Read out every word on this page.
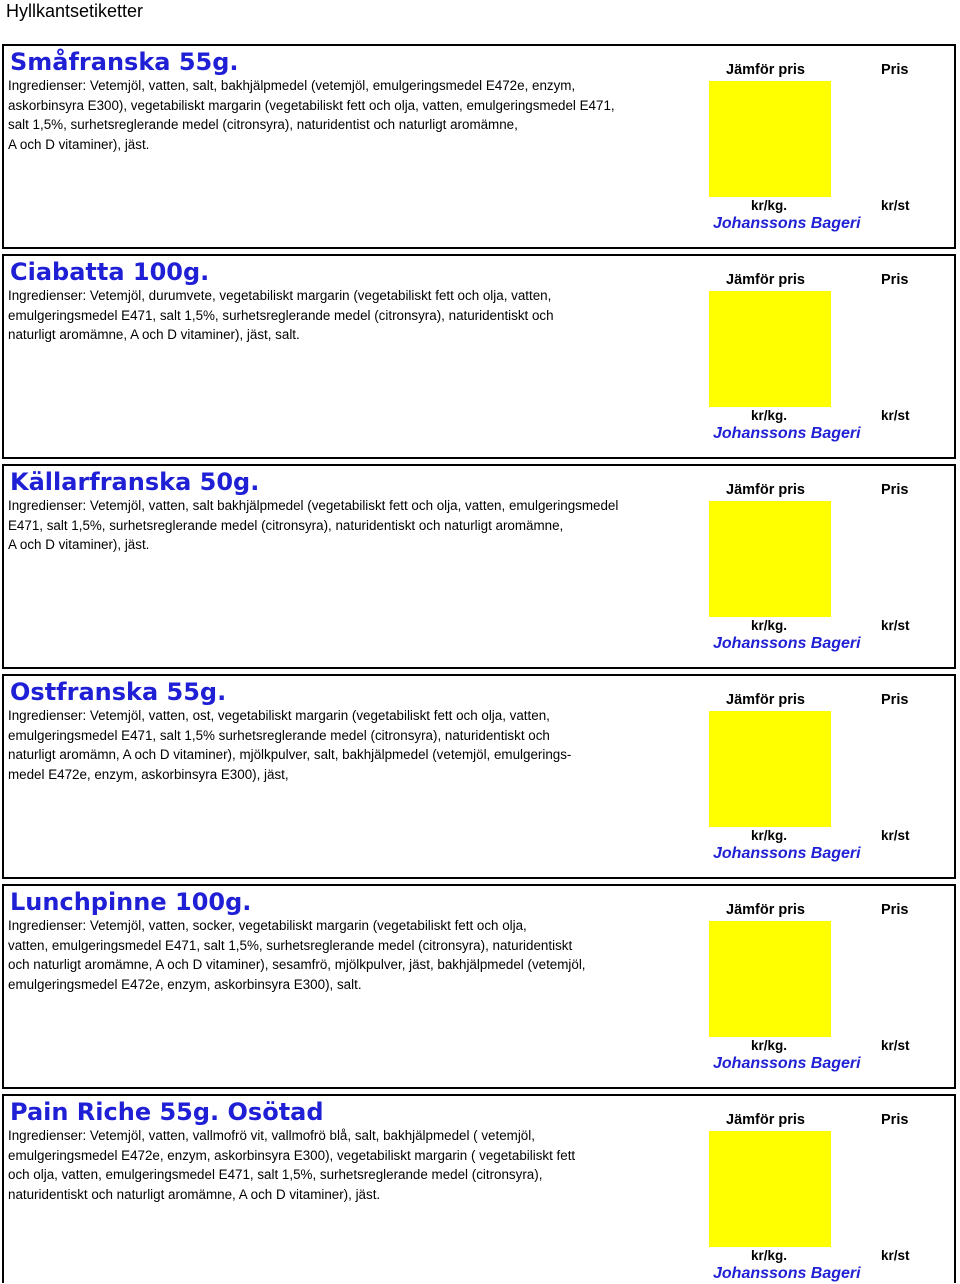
Hyllkantsetiketter
Småfranska 55g.
Ingredienser: Vetemjöl, vatten, salt, bakhjälpmedel (vetemjöl, emulgeringsmedel E472e, enzym,
askorbinsyra E300), vegetabiliskt margarin (vegetabiliskt fett och olja, vatten, emulgeringsmedel E471,
salt 1,5%, surhetsreglerande medel (citronsyra), naturidentist och naturligt aromämne,
A och D vitaminer), jäst.
Jämför pris	Pris
kr/kg.	kr/st
Johanssons Bageri
Ciabatta 100g.
Ingredienser: Vetemjöl, durumvete, vegetabiliskt margarin (vegetabiliskt fett och olja, vatten,
emulgeringsmedel E471, salt 1,5%, surhetsreglerande medel (citronsyra), naturidentiskt och
naturligt aromämne, A och D vitaminer), jäst, salt.
Jämför pris	Pris
kr/kg.	kr/st
Johanssons Bageri
Källarfranska 50g.
Ingredienser: Vetemjöl, vatten, salt bakhjälpmedel (vegetabiliskt fett och olja, vatten, emulgeringsmedel
E471, salt 1,5%, surhetsreglerande medel (citronsyra), naturidentiskt och naturligt aromämne,
A och D vitaminer), jäst.
Jämför pris	Pris
kr/kg.	kr/st
Johanssons Bageri
Ostfranska 55g.
Ingredienser: Vetemjöl, vatten, ost, vegetabiliskt margarin (vegetabiliskt fett och olja, vatten,
emulgeringsmedel E471, salt 1,5% surhetsreglerande medel (citronsyra), naturidentiskt och
naturligt aromämn, A och D vitaminer), mjölkpulver, salt, bakhjälpmedel (vetemjöl, emulgerings-
medel E472e, enzym, askorbinsyra E300), jäst,
Jämför pris	Pris
kr/kg.	kr/st
Johanssons Bageri
Lunchpinne 100g.
Ingredienser: Vetemjöl, vatten, socker, vegetabiliskt margarin (vegetabiliskt fett och olja,
vatten, emulgeringsmedel E471, salt 1,5%, surhetsreglerande medel (citronsyra), naturidentiskt
och naturligt aromämne, A och D vitaminer), sesamfrö, mjölkpulver, jäst, bakhjälpmedel (vetemjöl,
emulgeringsmedel E472e, enzym, askorbinsyra E300), salt.
Jämför pris	Pris
kr/kg.	kr/st
Johanssons Bageri
Pain Riche 55g. Osötad
Ingredienser: Vetemjöl, vatten, vallmofrö vit, vallmofrö blå, salt, bakhjälpmedel ( vetemjöl,
emulgeringsmedel E472e, enzym, askorbinsyra E300), vegetabiliskt margarin ( vegetabiliskt fett
och olja, vatten, emulgeringsmedel E471, salt 1,5%, surhetsreglerande medel (citronsyra),
naturidentiskt och naturligt aromämne, A och D vitaminer), jäst.
Jämför pris	Pris
kr/kg.	kr/st
Johanssons Bageri
